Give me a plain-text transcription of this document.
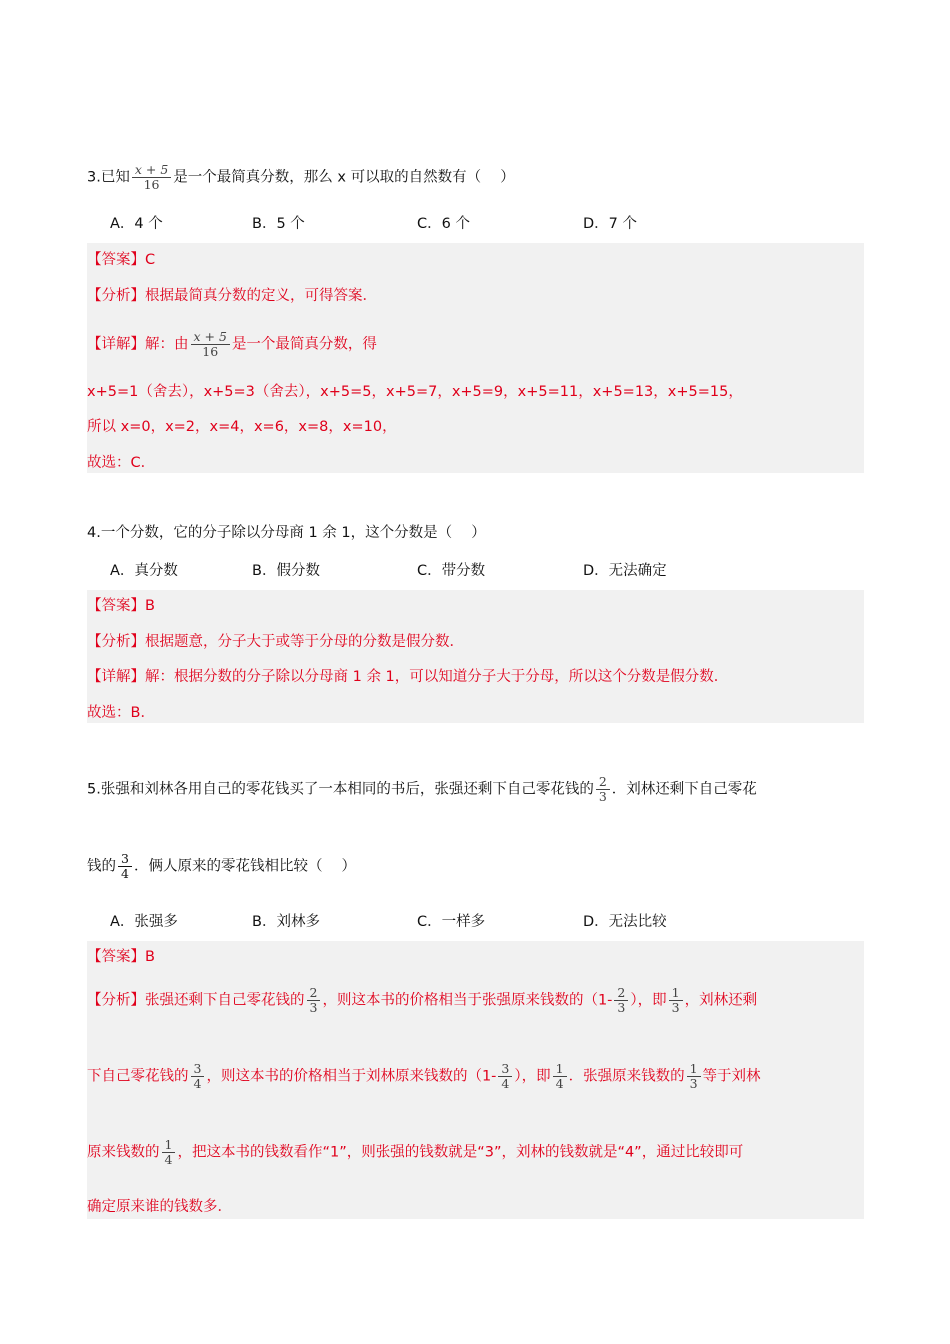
3.已知 $\frac{x + 5}{16}$ 是一个最简真分数，那么 x 可以取的自然数有（　 ）
A．4 个	B．5 个	C．6 个	D．7 个
【答案】C
【分析】根据最简真分数的定义，可得答案．
【详解】解：由 $\frac{x + 5}{16}$ 是一个最简真分数，得
x+5=1（舍去），x+5=3（舍去），x+5=5，x+5=7，x+5=9，x+5=11，x+5=13，x+5=15，
所以 x=0，x=2，x=4，x=6，x=8，x=10，
故选：C．
4.一个分数，它的分子除以分母商 1 余 1，这个分数是（　 ）
A．真分数	B．假分数	C．带分数	D．无法确定
【答案】B
【分析】根据题意，分子大于或等于分母的分数是假分数．
【详解】解：根据分数的分子除以分母商 1 余 1，可以知道分子大于分母，所以这个分数是假分数．
故选：B．
5.张强和刘林各用自己的零花钱买了一本相同的书后，张强还剩下自己零花钱的 $\frac{2}{3}$ ．刘林还剩下自己零花
钱的 $\frac{3}{4}$ ．俩人原来的零花钱相比较（　 ）
A．张强多	B．刘林多	C．一样多	D．无法比较
【答案】B
【分析】张强还剩下自己零花钱的 $\frac{2}{3}$ ，则这本书的价格相当于张强原来钱数的（$1- \frac{2}{3}$ ），即 $\frac{1}{3}$ ，刘林还剩
下自己零花钱的 $\frac{3}{4}$ ，则这本书的价格相当于刘林原来钱数的（$1- \frac{3}{4}$ ），即 $\frac{1}{4}$ ．张强原来钱数的 $\frac{1}{3}$ 等于刘林
原来钱数的 $\frac{1}{4}$ ，把这本书的钱数看作“1”，则张强的钱数就是“3”，刘林的钱数就是“4”，通过比较即可
确定原来谁的钱数多．
